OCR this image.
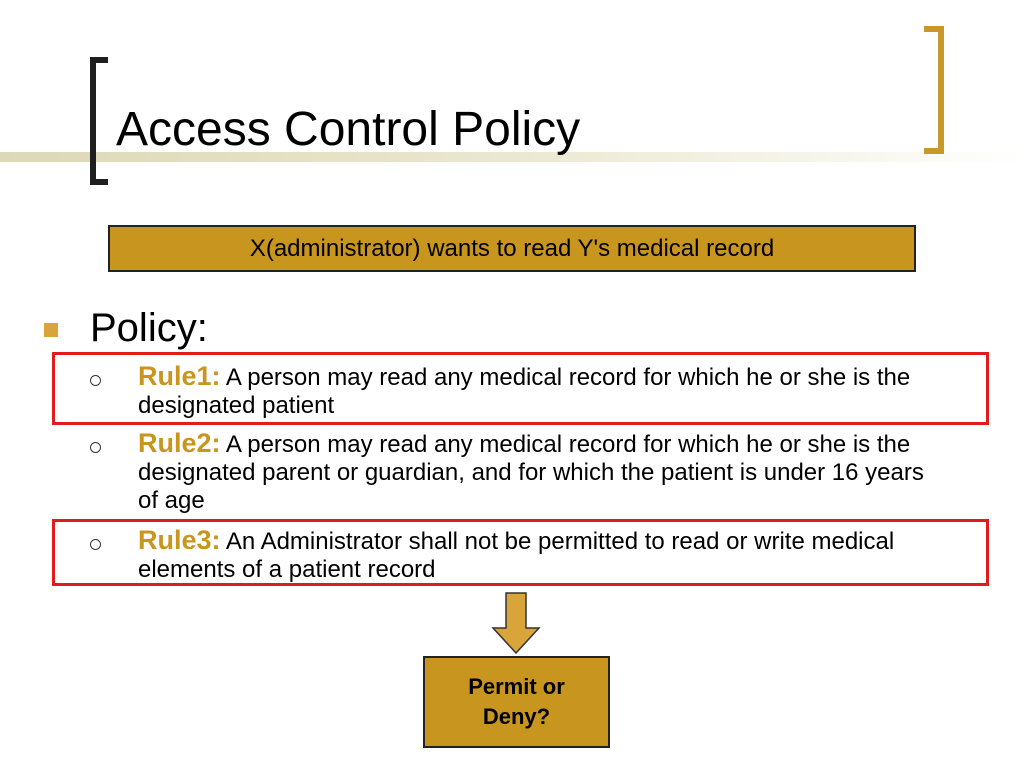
Access Control Policy
X(administrator) wants to read Y's medical record
Policy:
Rule1: A person may read any medical record for which he or she is the designated patient
Rule2: A person may read any medical record for which he or she is the designated parent or guardian, and for which the patient is under 16 years of age
Rule3: An Administrator shall not be permitted to read or write medical elements of a patient record
Permit or Deny?
